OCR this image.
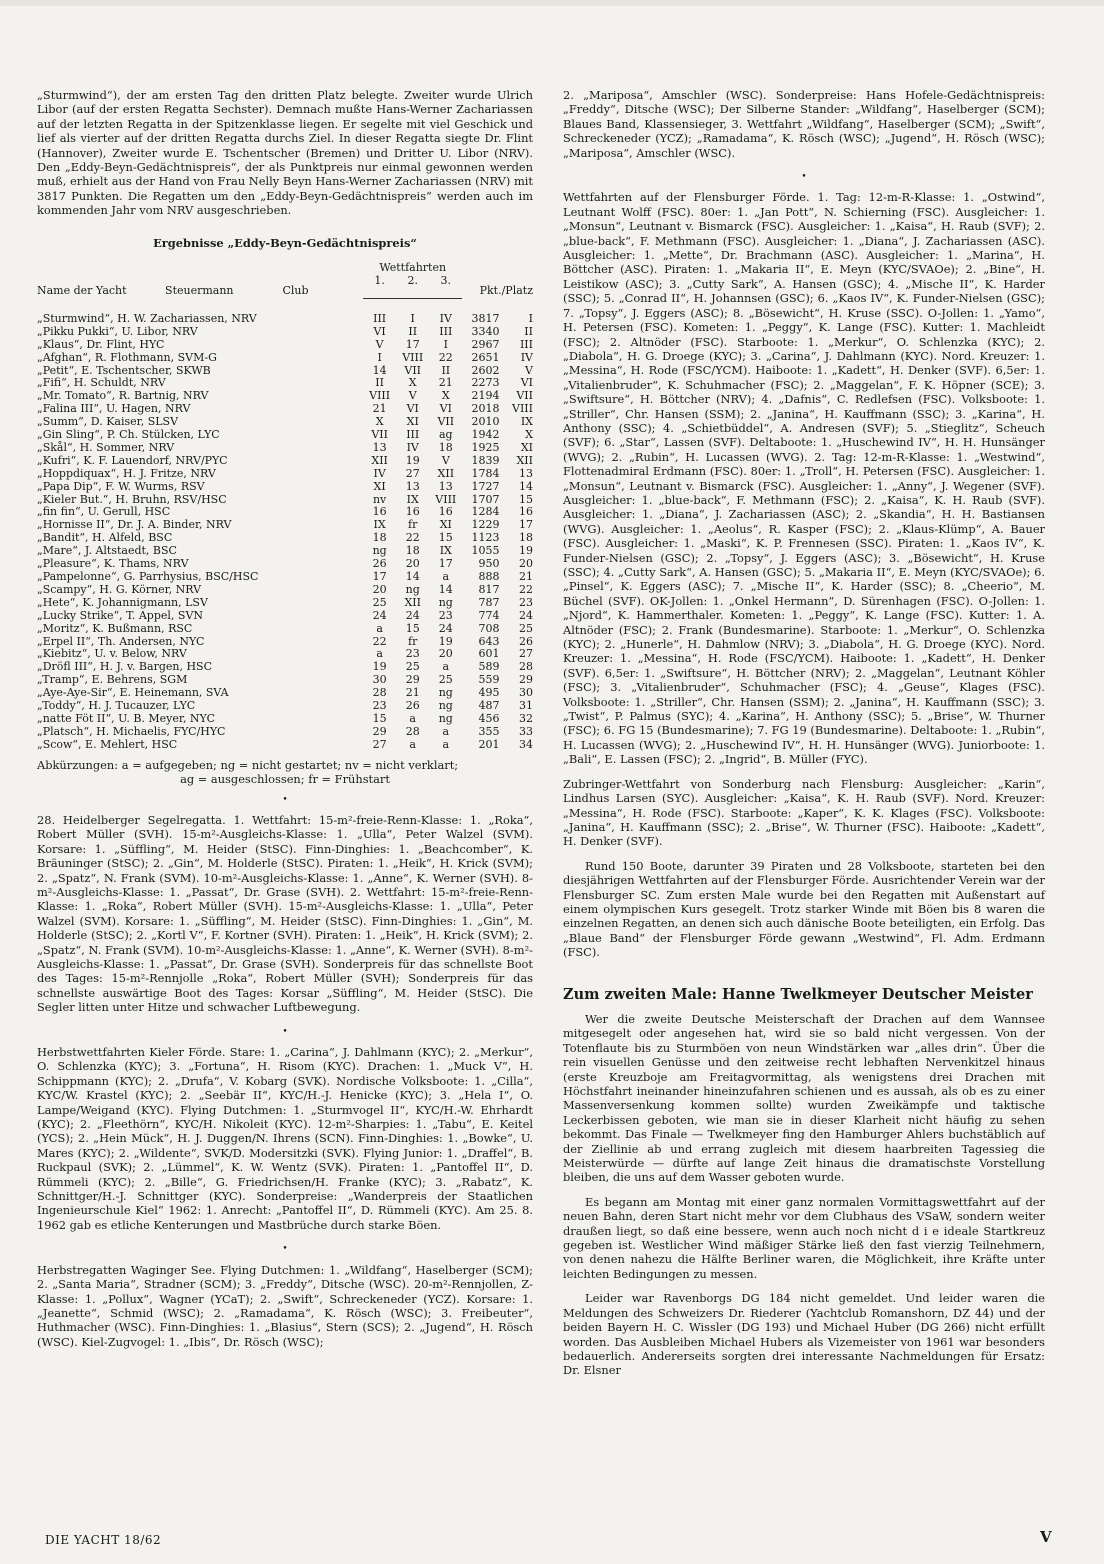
„Sturmwind“), der am ersten Tag den dritten Platz belegte. Zweiter wurde Ulrich Libor (auf der ersten Regatta Sechster). Demnach mußte Hans-Werner Zachariassen auf der letzten Regatta in der Spitzenklasse liegen. Er segelte mit viel Geschick und lief als vierter auf der dritten Regatta durchs Ziel. In dieser Regatta siegte Dr. Flint (Hannover), Zweiter wurde E. Tschentscher (Bremen) und Dritter U. Libor (NRV). Den „Eddy-Beyn-Gedächtnispreis“, der als Punktpreis nur einmal gewonnen werden muß, erhielt aus der Hand von Frau Nelly Beyn Hans-Werner Zachariassen (NRV) mit 3817 Punkten. Die Regatten um den „Eddy-Beyn-Gedächtnispreis“ werden auch im kommenden Jahr vom NRV ausgeschrieben.

Ergebnisse „Eddy-Beyn-Gedächtnispreis“
Name der Yacht Steuermann Club	Wettfahrten			Pkt./Platz	
	1.	2.	3.		
„Sturmwind“, H. W. Zachariassen, NRV	III	I	IV	3817	I
„Pikku Pukki“, U. Libor, NRV	VI	II	III	3340	II
„Klaus“, Dr. Flint, HYC	V	17	I	2967	III
„Afghan“, R. Flothmann, SVM-G	I	VIII	22	2651	IV
„Petit“, E. Tschentscher, SKWB	14	VII	II	2602	V
„Fifi“, H. Schuldt, NRV	II	X	21	2273	VI
„Mr. Tomato“, R. Bartnig, NRV	VIII	V	X	2194	VII
„Falina III“, U. Hagen, NRV	21	VI	VI	2018	VIII
„Summ“, D. Kaiser, SLSV	X	XI	VII	2010	IX
„Gin Sling“, P. Ch. Stülcken, LYC	VII	III	ag	1942	X
„Skål“, H. Sommer, NRV	13	IV	18	1925	XI
„Kufri“, K. F. Lauendorf, NRV/PYC	XII	19	V	1839	XII
„Hoppdiquax“, H. J. Fritze, NRV	IV	27	XII	1784	13
„Papa Dip“, F. W. Wurms, RSV	XI	13	13	1727	14
„Kieler But.“, H. Bruhn, RSV/HSC	nv	IX	VIII	1707	15
„fin fin“, U. Gerull, HSC	16	16	16	1284	16
„Hornisse II“, Dr. J. A. Binder, NRV	IX	fr	XI	1229	17
„Bandit“, H. Alfeld, BSC	18	22	15	1123	18
„Mare“, J. Altstaedt, BSC	ng	18	IX	1055	19
„Pleasure“, K. Thams, NRV	26	20	17	950	20
„Pampelonne“, G. Parrhysius, BSC/HSC	17	14	a	888	21
„Scampy“, H. G. Körner, NRV	20	ng	14	817	22
„Hete“, K. Johannigmann, LSV	25	XII	ng	787	23
„Lucky Strike“, T. Appel, SVN	24	24	23	774	24
„Moritz“, K. Bußmann, RSC	a	15	24	708	25
„Erpel II“, Th. Andersen, NYC	22	fr	19	643	26
„Kiebitz“, U. v. Below, NRV	a	23	20	601	27
„Dröfl III“, H. J. v. Bargen, HSC	19	25	a	589	28
„Tramp“, E. Behrens, SGM	30	29	25	559	29
„Aye-Aye-Sir“, E. Heinemann, SVA	28	21	ng	495	30
„Toddy“, H. J. Tucauzer, LYC	23	26	ng	487	31
„natte Föt II“, U. B. Meyer, NYC	15	a	ng	456	32
„Platsch“, H. Michaelis, FYC/HYC	29	28	a	355	33
„Scow“, E. Mehlert, HSC	27	a	a	201	34
Abkürzungen: a = aufgegeben; ng = nicht gestartet; nv = nicht verklart;
ag = ausgeschlossen; fr = Frühstart
•

28. Heidelberger Segelregatta. 1. Wettfahrt: 15-m²-freie-Renn-Klasse: 1. „Roka“, Robert Müller (SVH). 15-m²-Ausgleichs-Klasse: 1. „Ulla“, Peter Walzel (SVM). Korsare: 1. „Süffling“, M. Heider (StSC). Finn-Dinghies: 1. „Beachcomber“, K. Bräuninger (StSC); 2. „Gin“, M. Holderle (StSC). Piraten: 1. „Heik“, H. Krick (SVM); 2. „Spatz“, N. Frank (SVM). 10-m²-Ausgleichs-Klasse: 1. „Anne“, K. Werner (SVH). 8-m²-Ausgleichs-Klasse: 1. „Passat“, Dr. Grase (SVH). 2. Wettfahrt: 15-m²-freie-Renn-Klasse: 1. „Roka“, Robert Müller (SVH). 15-m²-Ausgleichs-Klasse: 1. „Ulla“, Peter Walzel (SVM). Korsare: 1. „Süffling“, M. Heider (StSC). Finn-Dinghies: 1. „Gin“, M. Holderle (StSC); 2. „Kortl V“, F. Kortner (SVH). Piraten: 1. „Heik“, H. Krick (SVM); 2. „Spatz“, N. Frank (SVM). 10-m²-Ausgleichs-Klasse: 1. „Anne“, K. Werner (SVH). 8-m²-Ausgleichs-Klasse: 1. „Passat“, Dr. Grase (SVH). Sonderpreis für das schnellste Boot des Tages: 15-m²-Rennjolle „Roka“, Robert Müller (SVH); Sonderpreis für das schnellste auswärtige Boot des Tages: Korsar „Süffling“, M. Heider (StSC). Die Segler litten unter Hitze und schwacher Luftbewegung.

•

Herbstwettfahrten Kieler Förde. Stare: 1. „Carina“, J. Dahlmann (KYC); 2. „Merkur“, O. Schlenzka (KYC); 3. „Fortuna“, H. Risom (KYC). Drachen: 1. „Muck V“, H. Schippmann (KYC); 2. „Drufa“, V. Kobarg (SVK). Nordische Volksboote: 1. „Cilla“, KYC/W. Krastel (KYC); 2. „Seebär II“, KYC/H.-J. Henicke (KYC); 3. „Hela I“, O. Lampe/Weigand (KYC). Flying Dutchmen: 1. „Sturmvogel II“, KYC/H.-W. Ehrhardt (KYC); 2. „Fleethörn“, KYC/H. Nikoleit (KYC). 12-m²-Sharpies: 1. „Tabu“, E. Keitel (YCS); 2. „Hein Mück“, H. J. Duggen/N. Ihrens (SCN). Finn-Dinghies: 1. „Bowke“, U. Mares (KYC); 2. „Wildente“, SVK/D. Modersitzki (SVK). Flying Junior: 1. „Draffel“, B. Ruckpaul (SVK); 2. „Lümmel“, K. W. Wentz (SVK). Piraten: 1. „Pantoffel II“, D. Rümmeli (KYC); 2. „Bille“, G. Friedrichsen/H. Franke (KYC); 3. „Rabatz“, K. Schnittger/H.-J. Schnittger (KYC). Sonderpreise: „Wanderpreis der Staatlichen Ingenieurschule Kiel“ 1962: 1. Anrecht: „Pantoffel II“, D. Rümmeli (KYC). Am 25. 8. 1962 gab es etliche Kenterungen und Mastbrüche durch starke Böen.

•

Herbstregatten Waginger See. Flying Dutchmen: 1. „Wildfang“, Haselberger (SCM); 2. „Santa Maria“, Stradner (SCM); 3. „Freddy“, Ditsche (WSC). 20-m²-Rennjollen, Z-Klasse: 1. „Pollux“, Wagner (YCaT); 2. „Swift“, Schreckeneder (YCZ). Korsare: 1. „Jeanette“, Schmid (WSC); 2. „Ramadama“, K. Rösch (WSC); 3. Freibeuter“, Huthmacher (WSC). Finn-Dinghies: 1. „Blasius“, Stern (SCS); 2. „Jugend“, H. Rösch (WSC). Kiel-Zugvogel: 1. „Ibis“, Dr. Rösch (WSC);

2. „Mariposa“, Amschler (WSC). Sonderpreise: Hans Hofele-Gedächtnispreis: „Freddy“, Ditsche (WSC); Der Silberne Stander: „Wildfang“, Haselberger (SCM); Blaues Band, Klassensieger, 3. Wettfahrt „Wildfang“, Haselberger (SCM); „Swift“, Schreckeneder (YCZ); „Ramadama“, K. Rösch (WSC); „Jugend“, H. Rösch (WSC); „Mariposa“, Amschler (WSC).

•

Wettfahrten auf der Flensburger Förde. 1. Tag: 12-m-R-Klasse: 1. „Ostwind“, Leutnant Wolff (FSC). 80er: 1. „Jan Pott“, N. Schierning (FSC). Ausgleicher: 1. „Monsun“, Leutnant v. Bismarck (FSC). Ausgleicher: 1. „Kaisa“, H. Raub (SVF); 2. „blue-back“, F. Methmann (FSC). Ausgleicher: 1. „Diana“, J. Zachariassen (ASC). Ausgleicher: 1. „Mette“, Dr. Brachmann (ASC). Ausgleicher: 1. „Marina“, H. Böttcher (ASC). Piraten: 1. „Makaria II“, E. Meyn (KYC/SVAOe); 2. „Bine“, H. Leistikow (ASC); 3. „Cutty Sark“, A. Hansen (GSC); 4. „Mische II“, K. Harder (SSC); 5. „Conrad II“, H. Johannsen (GSC); 6. „Kaos IV“, K. Funder-Nielsen (GSC); 7. „Topsy“, J. Eggers (ASC); 8. „Bösewicht“, H. Kruse (SSC). O-Jollen: 1. „Yamo“, H. Petersen (FSC). Kometen: 1. „Peggy“, K. Lange (FSC). Kutter: 1. Machleidt (FSC); 2. Altnöder (FSC). Starboote: 1. „Merkur“, O. Schlenzka (KYC); 2. „Diabola“, H. G. Droege (KYC); 3. „Carina“, J. Dahlmann (KYC). Nord. Kreuzer: 1. „Messina“, H. Rode (FSC/YCM). Haiboote: 1. „Kadett“, H. Denker (SVF). 6,5er: 1. „Vitalienbruder“, K. Schuhmacher (FSC); 2. „Maggelan“, F. K. Höpner (SCE); 3. „Swiftsure“, H. Böttcher (NRV); 4. „Dafnis“, C. Redlefsen (FSC). Volksboote: 1. „Striller“, Chr. Hansen (SSM); 2. „Janina“, H. Kauffmann (SSC); 3. „Karina“, H. Anthony (SSC); 4. „Schietbüddel“, A. Andresen (SVF); 5. „Stieglitz“, Scheuch (SVF); 6. „Star“, Lassen (SVF). Deltaboote: 1. „Huschewind IV“, H. H. Hunsänger (WVG); 2. „Rubin“, H. Lucassen (WVG). 2. Tag: 12-m-R-Klasse: 1. „Westwind“, Flottenadmiral Erdmann (FSC). 80er: 1. „Troll“, H. Petersen (FSC). Ausgleicher: 1. „Monsun“, Leutnant v. Bismarck (FSC). Ausgleicher: 1. „Anny“, J. Wegener (SVF). Ausgleicher: 1. „blue-back“, F. Methmann (FSC); 2. „Kaisa“, K. H. Raub (SVF). Ausgleicher: 1. „Diana“, J. Zachariassen (ASC); 2. „Skandia“, H. H. Bastiansen (WVG). Ausgleicher: 1. „Aeolus“, R. Kasper (FSC); 2. „Klaus-Klümp“, A. Bauer (FSC). Ausgleicher: 1. „Maski“, K. P. Frennesen (SSC). Piraten: 1. „Kaos IV“, K. Funder-Nielsen (GSC); 2. „Topsy“, J. Eggers (ASC); 3. „Bösewicht“, H. Kruse (SSC); 4. „Cutty Sark“, A. Hansen (GSC); 5. „Makaria II“, E. Meyn (KYC/SVAOe); 6. „Pinsel“, K. Eggers (ASC); 7. „Mische II“, K. Harder (SSC); 8. „Cheerio“, M. Büchel (SVF). OK-Jollen: 1. „Onkel Hermann“, D. Sürenhagen (FSC). O-Jollen: 1. „Njord“, K. Hammerthaler. Kometen: 1. „Peggy“, K. Lange (FSC). Kutter: 1. A. Altnöder (FSC); 2. Frank (Bundesmarine). Starboote: 1. „Merkur“, O. Schlenzka (KYC); 2. „Hunerle“, H. Dahmlow (NRV); 3. „Diabola“, H. G. Droege (KYC). Nord. Kreuzer: 1. „Messina“, H. Rode (FSC/YCM). Haiboote: 1. „Kadett“, H. Denker (SVF). 6,5er: 1. „Swiftsure“, H. Böttcher (NRV); 2. „Maggelan“, Leutnant Köhler (FSC); 3. „Vitalienbruder“, Schuhmacher (FSC); 4. „Geuse“, Klages (FSC). Volksboote: 1. „Striller“, Chr. Hansen (SSM); 2. „Janina“, H. Kauffmann (SSC); 3. „Twist“, P. Palmus (SYC); 4. „Karina“, H. Anthony (SSC); 5. „Brise“, W. Thurner (FSC); 6. FG 15 (Bundesmarine); 7. FG 19 (Bundesmarine). Deltaboote: 1. „Rubin“, H. Lucassen (WVG); 2. „Huschewind IV“, H. H. Hunsänger (WVG). Juniorboote: 1. „Bali“, E. Lassen (FSC); 2. „Ingrid“, B. Müller (FYC).

Zubringer-Wettfahrt von Sonderburg nach Flensburg: Ausgleicher: „Karin“, Lindhus Larsen (SYC). Ausgleicher: „Kaisa“, K. H. Raub (SVF). Nord. Kreuzer: „Messina“, H. Rode (FSC). Starboote: „Kaper“, K. K. Klages (FSC). Volksboote: „Janina“, H. Kauffmann (SSC); 2. „Brise“, W. Thurner (FSC). Haiboote: „Kadett“, H. Denker (SVF).

Rund 150 Boote, darunter 39 Piraten und 28 Volksboote, starteten bei den diesjährigen Wettfahrten auf der Flensburger Förde. Ausrichtender Verein war der Flensburger SC. Zum ersten Male wurde bei den Regatten mit Außenstart auf einem olympischen Kurs gesegelt. Trotz starker Winde mit Böen bis 8 waren die einzelnen Regatten, an denen sich auch dänische Boote beteiligten, ein Erfolg. Das „Blaue Band“ der Flensburger Förde gewann „Westwind“, Fl. Adm. Erdmann (FSC).

Zum zweiten Male: Hanne Twelkmeyer Deutscher Meister

Wer die zweite Deutsche Meisterschaft der Drachen auf dem Wannsee mitgesegelt oder angesehen hat, wird sie so bald nicht vergessen. Von der Totenflaute bis zu Sturmböen von neun Windstärken war „alles drin“. Über die rein visuellen Genüsse und den zeitweise recht lebhaften Nervenkitzel hinaus (erste Kreuzboje am Freitagvormittag, als wenigstens drei Drachen mit Höchstfahrt ineinander hineinzufahren schienen und es aussah, als ob es zu einer Massenversenkung kommen sollte) wurden Zweikämpfe und taktische Leckerbissen geboten, wie man sie in dieser Klarheit nicht häufig zu sehen bekommt. Das Finale — Twelkmeyer fing den Hamburger Ahlers buchstäblich auf der Ziellinie ab und errang zugleich mit diesem haarbreiten Tagessieg die Meisterwürde — dürfte auf lange Zeit hinaus die dramatischste Vorstellung bleiben, die uns auf dem Wasser geboten wurde.

Es begann am Montag mit einer ganz normalen Vormittagswettfahrt auf der neuen Bahn, deren Start nicht mehr vor dem Clubhaus des VSaW, sondern weiter draußen liegt, so daß eine bessere, wenn auch noch nicht d i e ideale Startkreuz gegeben ist. Westlicher Wind mäßiger Stärke ließ den fast vierzig Teilnehmern, von denen nahezu die Hälfte Berliner waren, die Möglichkeit, ihre Kräfte unter leichten Bedingungen zu messen.

Leider war Ravenborgs DG 184 nicht gemeldet. Und leider waren die Meldungen des Schweizers Dr. Riederer (Yachtclub Romanshorn, DZ 44) und der beiden Bayern H. C. Wissler (DG 193) und Michael Huber (DG 266) nicht erfüllt worden. Das Ausbleiben Michael Hubers als Vizemeister von 1961 war besonders bedauerlich. Andererseits sorgten drei interessante Nachmeldungen für Ersatz: Dr. Elsner

DIE YACHT 18/62	V
